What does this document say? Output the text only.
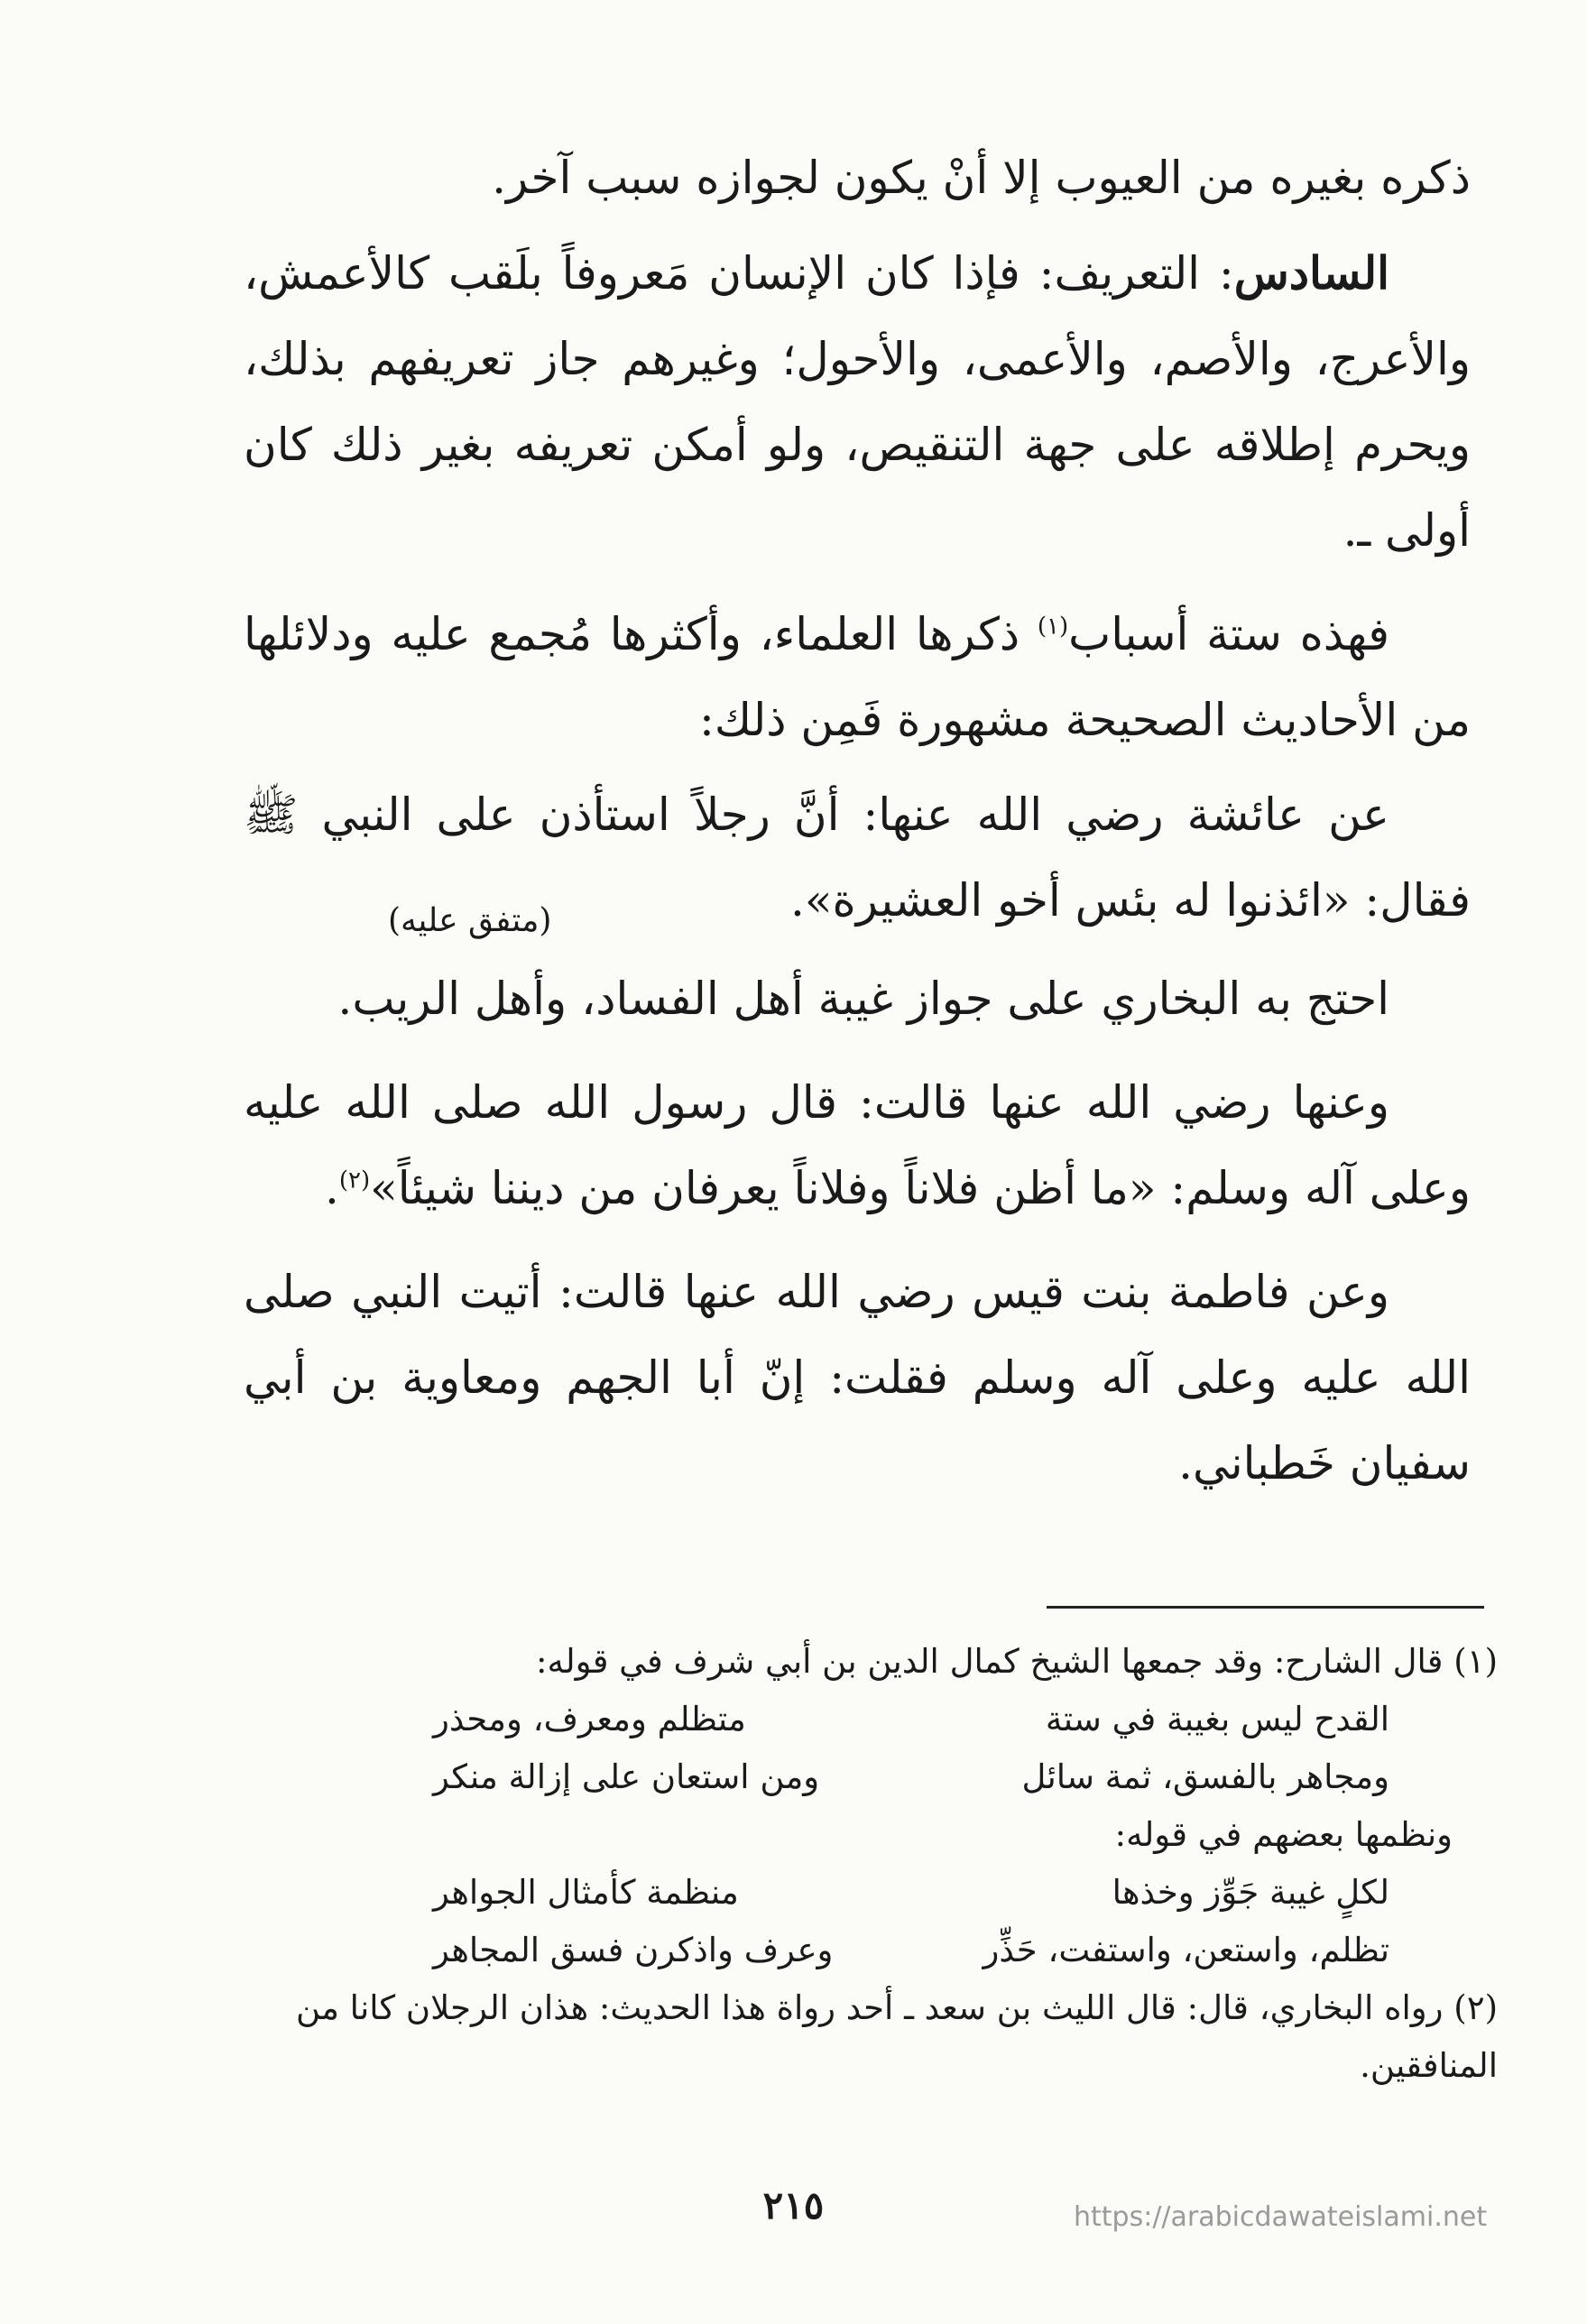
ذكره بغيره من العيوب إلا أنْ يكون لجوازه سبب آخر.

السادس: التعريف: فإذا كان الإنسان مَعروفاً بلَقب كالأعمش، والأعرج، والأصم، والأعمى، والأحول؛ وغيرهم جاز تعريفهم بذلك، ويحرم إطلاقه على جهة التنقيص، ولو أمكن تعريفه بغير ذلك كان أولى ـ.

فهذه ستة أسباب$^{(١)}$ ذكرها العلماء، وأكثرها مُجمع عليه ودلائلها من الأحاديث الصحيحة مشهورة فَمِن ذلك:

عن عائشة رضي الله عنها: أنَّ رجلاً استأذن على النبي ﷺ فقال: «ائذنوا له بئس أخو العشيرة».

(متفق عليه)

احتج به البخاري على جواز غيبة أهل الفساد، وأهل الريب.

وعنها رضي الله عنها قالت: قال رسول الله صلى الله عليه وعلى آله وسلم: «ما أظن فلاناً وفلاناً يعرفان من ديننا شيئاً»$^{(٢)}$.

وعن فاطمة بنت قيس رضي الله عنها قالت: أتيت النبي صلى الله عليه وعلى آله وسلم فقلت: إنّ أبا الجهم ومعاوية بن أبي سفيان خَطباني.

(١) قال الشارح: وقد جمعها الشيخ كمال الدين بن أبي شرف في قوله:

القدح ليس بغيبة في ستة
متظلم ومعرف، ومحذر
ومجاهر بالفسق، ثمة سائل
ومن استعان على إزالة منكر

ونظمها بعضهم في قوله:

لكلٍ غيبة جَوِّز وخذها
منظمة كأمثال الجواهر
تظلم، واستعن، واستفت، حَذِّر
وعرف واذكرن فسق المجاهر

(٢) رواه البخاري، قال: قال الليث بن سعد ـ أحد رواة هذا الحديث: هذان الرجلان كانا من المنافقين.

٢١٥	https://arabicdawateislami.net
